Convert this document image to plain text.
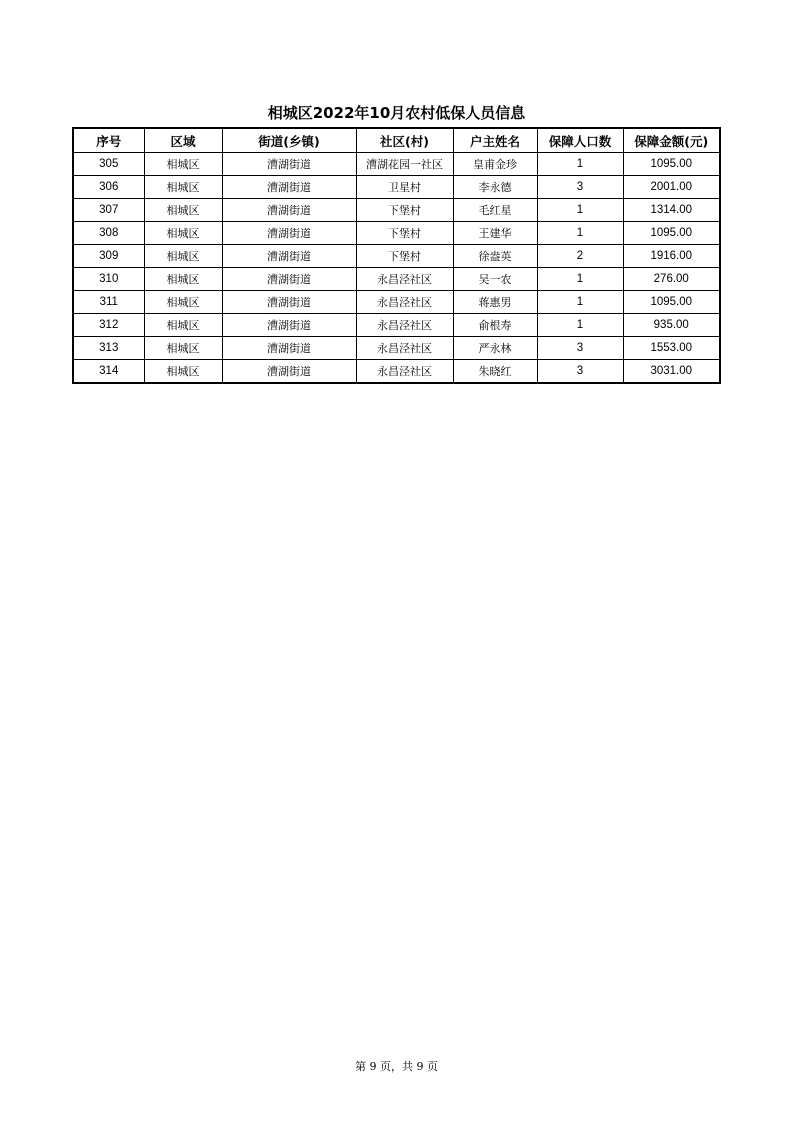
相城区2022年10月农村低保人员信息
序号	区域	街道(乡镇)	社区(村)	户主姓名	保障人口数	保障金额(元)
305	相城区	漕湖街道	漕湖花园一社区	皇甫金珍	1	1095.00
306	相城区	漕湖街道	卫星村	李永德	3	2001.00
307	相城区	漕湖街道	下堡村	毛红星	1	1314.00
308	相城区	漕湖街道	下堡村	王建华	1	1095.00
309	相城区	漕湖街道	下堡村	徐盎英	2	1916.00
310	相城区	漕湖街道	永昌泾社区	吴一农	1	276.00
311	相城区	漕湖街道	永昌泾社区	蒋惠男	1	1095.00
312	相城区	漕湖街道	永昌泾社区	俞根寿	1	935.00
313	相城区	漕湖街道	永昌泾社区	严永林	3	1553.00
314	相城区	漕湖街道	永昌泾社区	朱晓红	3	3031.00
第 9 页，共 9 页
